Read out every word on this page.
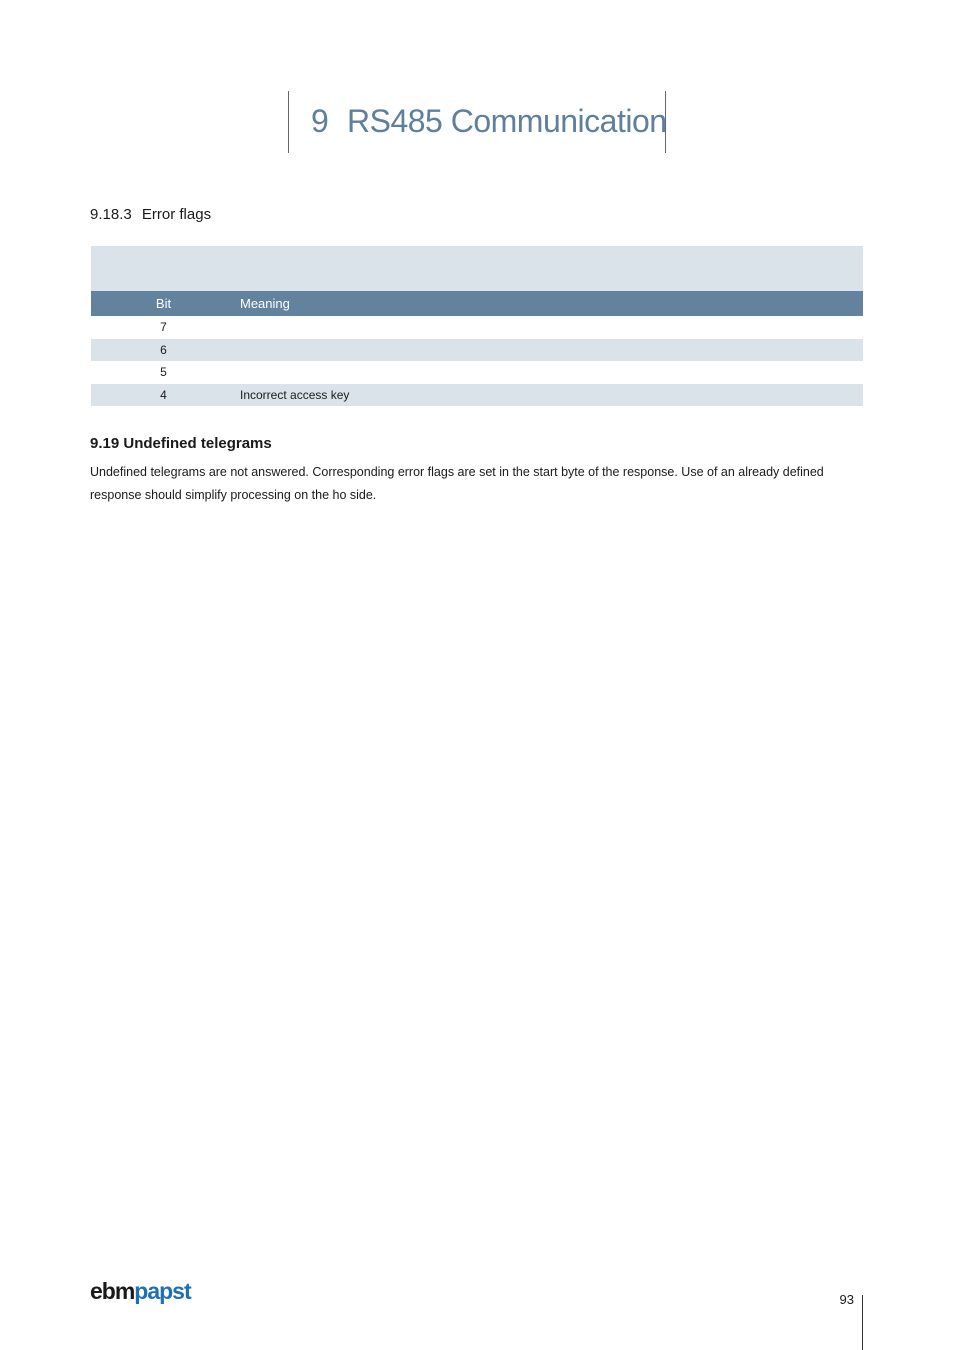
9 RS485 Communication
9.18.3 Error flags
Bit	Meaning
7
6
5
4	Incorrect access key
9.19 Undefined telegrams
Undefined telegrams are not answered. Corresponding error flags are set in the start byte of the response. Use of an already defined
response should simplify processing on the ho side.
ebmpapst	93
